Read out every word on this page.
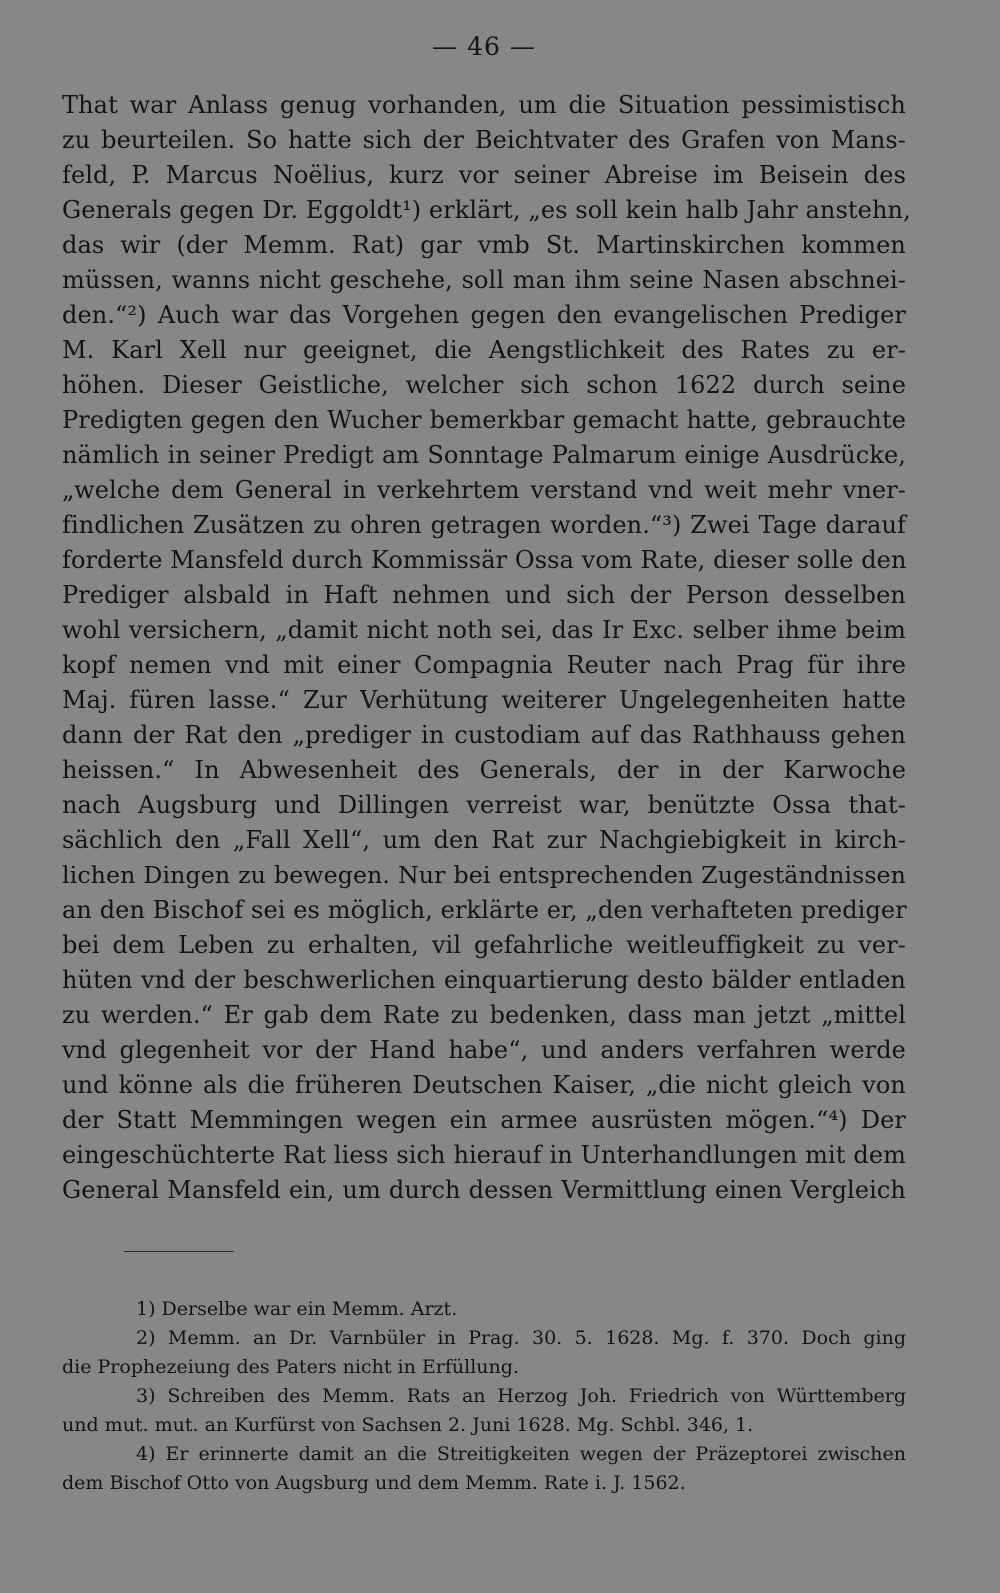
— 46 —
That war Anlass genug vorhanden, um die Situation pessimistisch
zu beurteilen. So hatte sich der Beichtvater des Grafen von Mans-
feld, P. Marcus Noëlius, kurz vor seiner Abreise im Beisein des
Generals gegen Dr. Eggoldt¹) erklärt, „es soll kein halb Jahr anstehn,
das wir (der Memm. Rat) gar vmb St. Martinskirchen kommen
müssen, wanns nicht geschehe, soll man ihm seine Nasen abschnei-
den.“²) Auch war das Vorgehen gegen den evangelischen Prediger
M. Karl Xell nur geeignet, die Aengstlichkeit des Rates zu er-
höhen. Dieser Geistliche, welcher sich schon 1622 durch seine
Predigten gegen den Wucher bemerkbar gemacht hatte, gebrauchte
nämlich in seiner Predigt am Sonntage Palmarum einige Ausdrücke,
„welche dem General in verkehrtem verstand vnd weit mehr vner-
findlichen Zusätzen zu ohren getragen worden.“³) Zwei Tage darauf
forderte Mansfeld durch Kommissär Ossa vom Rate, dieser solle den
Prediger alsbald in Haft nehmen und sich der Person desselben
wohl versichern, „damit nicht noth sei, das Ir Exc. selber ihme beim
kopf nemen vnd mit einer Compagnia Reuter nach Prag für ihre
Maj. füren lasse.“ Zur Verhütung weiterer Ungelegenheiten hatte
dann der Rat den „prediger in custodiam auf das Rathhauss gehen
heissen.“ In Abwesenheit des Generals, der in der Karwoche
nach Augsburg und Dillingen verreist war, benützte Ossa that-
sächlich den „Fall Xell“, um den Rat zur Nachgiebigkeit in kirch-
lichen Dingen zu bewegen. Nur bei entsprechenden Zugeständnissen
an den Bischof sei es möglich, erklärte er, „den verhafteten prediger
bei dem Leben zu erhalten, vil gefahrliche weitleuffigkeit zu ver-
hüten vnd der beschwerlichen einquartierung desto bälder entladen
zu werden.“ Er gab dem Rate zu bedenken, dass man jetzt „mittel
vnd glegenheit vor der Hand habe“, und anders verfahren werde
und könne als die früheren Deutschen Kaiser, „die nicht gleich von
der Statt Memmingen wegen ein armee ausrüsten mögen.“⁴) Der
eingeschüchterte Rat liess sich hierauf in Unterhandlungen mit dem
General Mansfeld ein, um durch dessen Vermittlung einen Vergleich
1) Derselbe war ein Memm. Arzt.
2) Memm. an Dr. Varnbüler in Prag. 30. 5. 1628. Mg. f. 370. Doch ging
die Prophezeiung des Paters nicht in Erfüllung.
3) Schreiben des Memm. Rats an Herzog Joh. Friedrich von Württemberg
und mut. mut. an Kurfürst von Sachsen 2. Juni 1628. Mg. Schbl. 346, 1.
4) Er erinnerte damit an die Streitigkeiten wegen der Präzeptorei zwischen
dem Bischof Otto von Augsburg und dem Memm. Rate i. J. 1562.
